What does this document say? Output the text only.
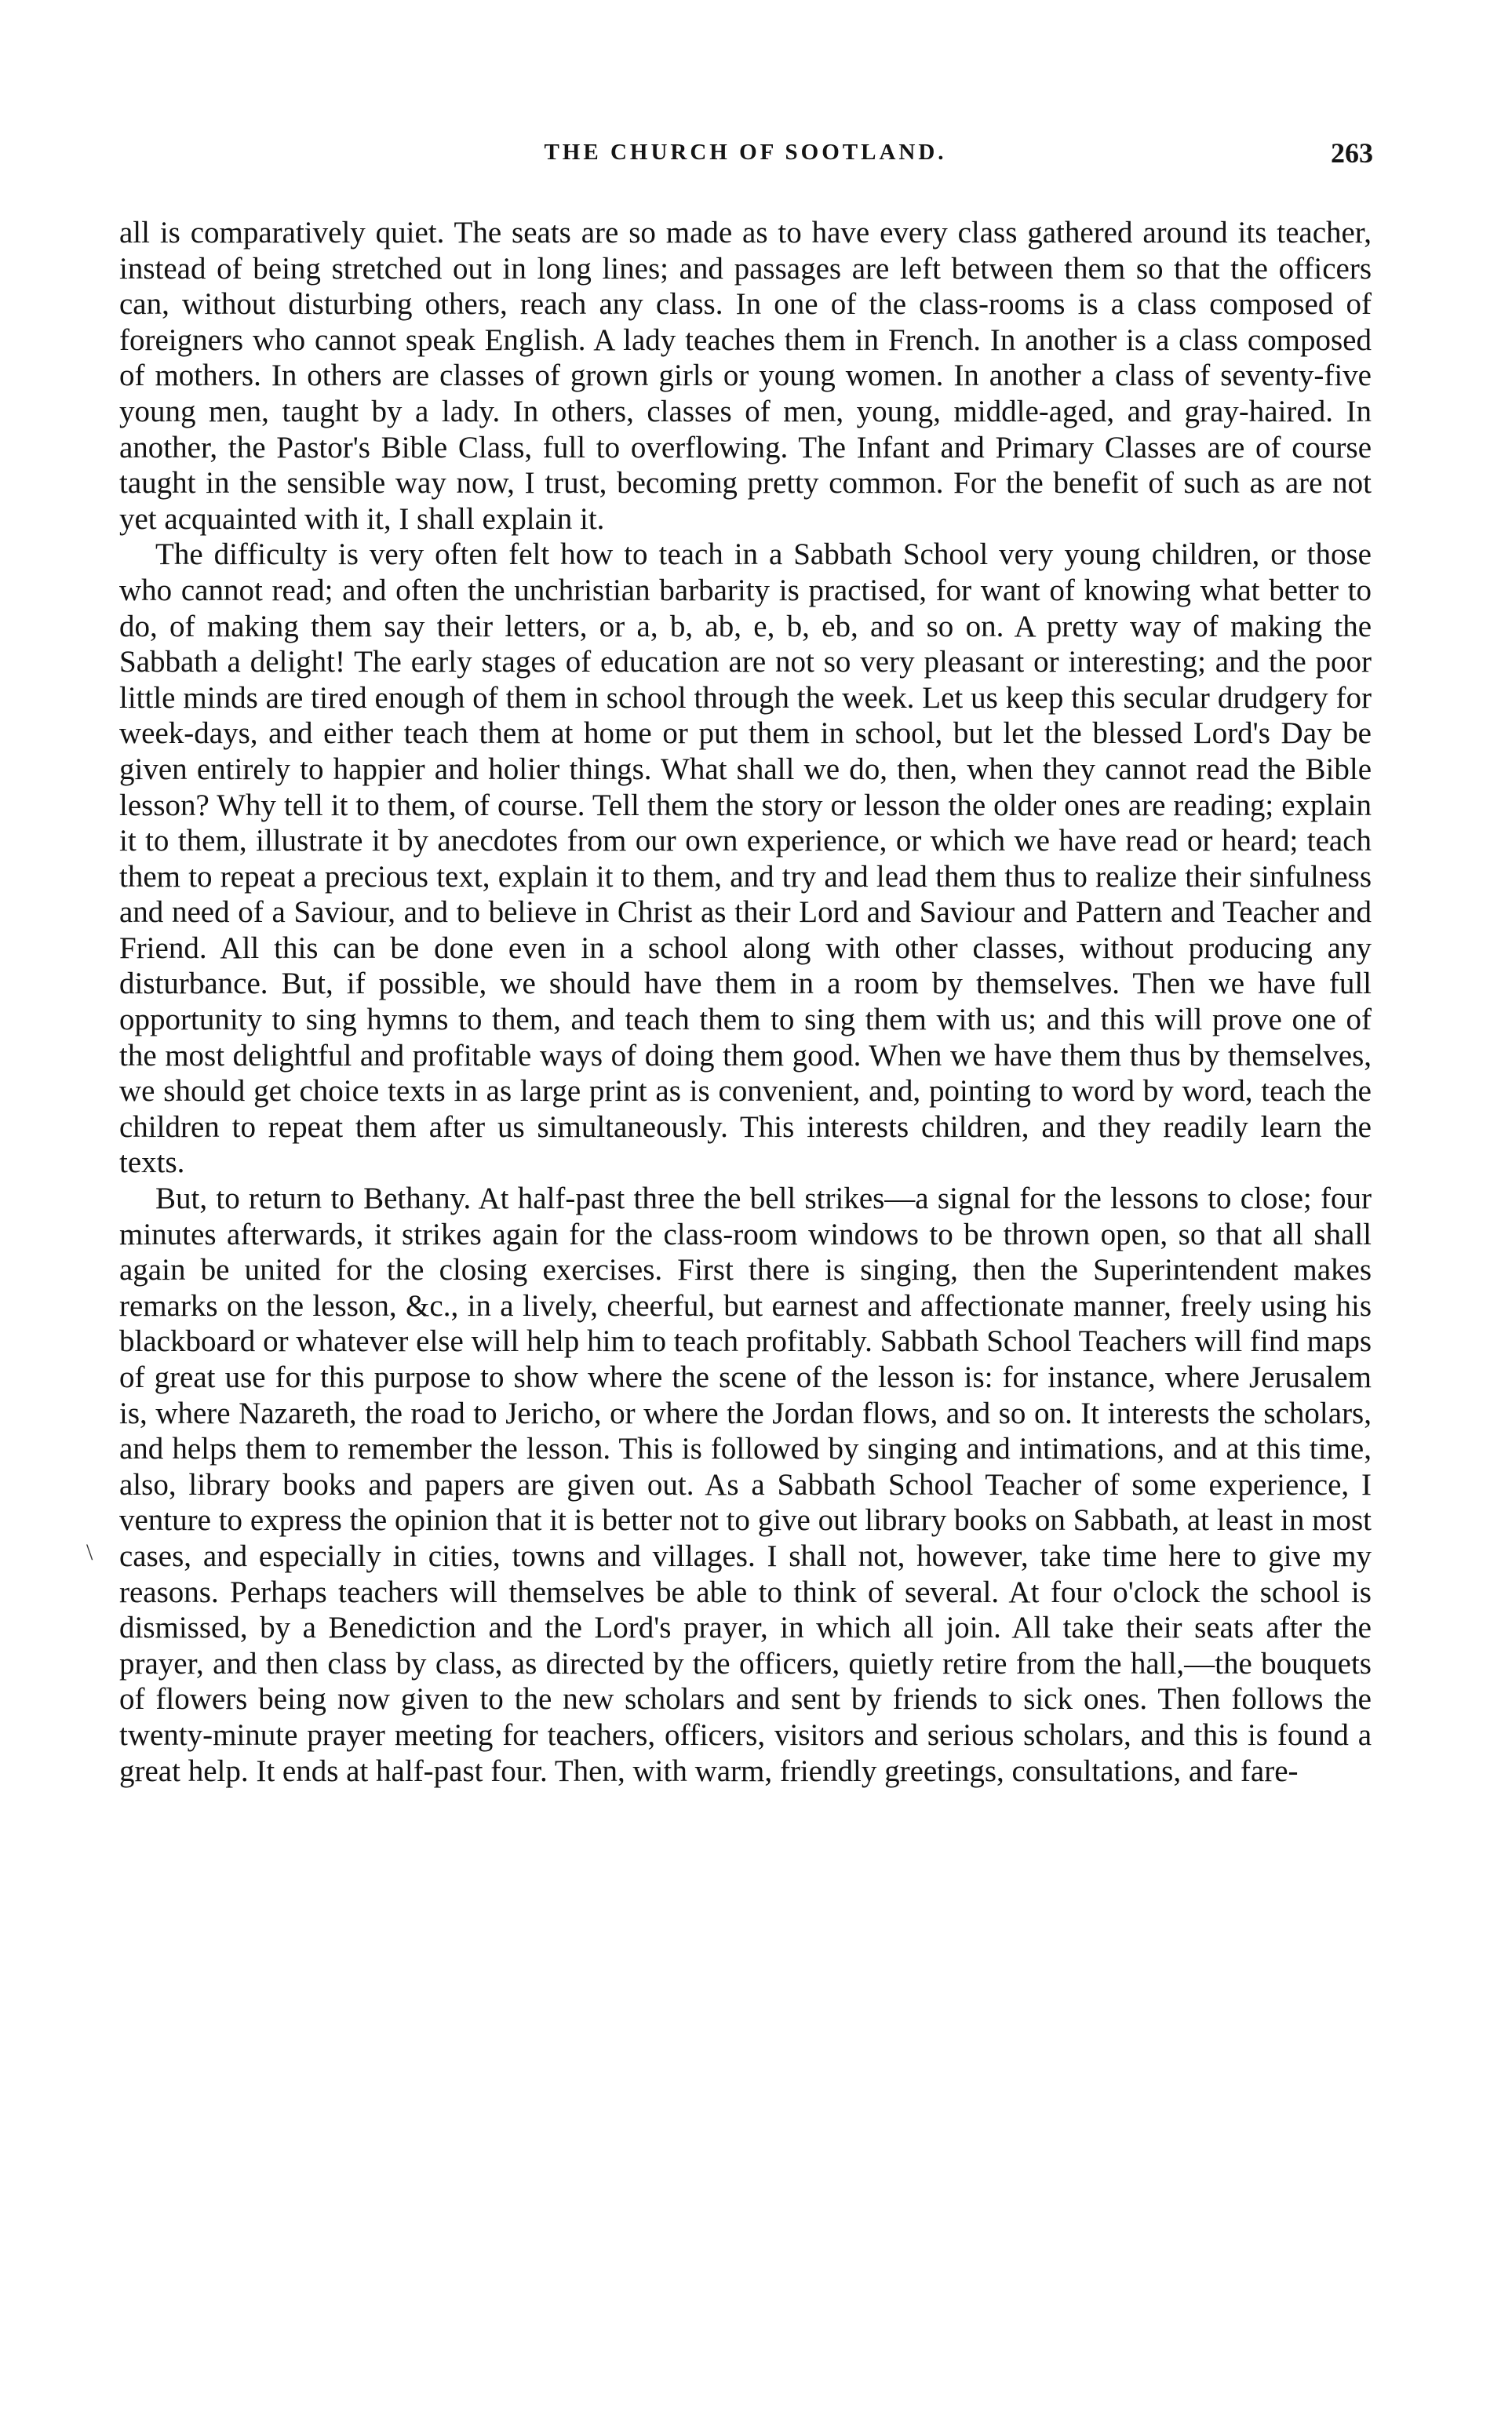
THE CHURCH OF SOOTLAND.	263
\

all is comparatively quiet. The seats are so made as to have every class gathered around its teacher, instead of being stretched out in long lines; and passages are left between them so that the officers can, without disturbing others, reach any class. In one of the class-rooms is a class composed of foreigners who cannot speak English. A lady teaches them in French. In another is a class composed of mothers. In others are classes of grown girls or young women. In another a class of seventy-five young men, taught by a lady. In others, classes of men, young, middle-aged, and gray-haired. In another, the Pastor's Bible Class, full to overflowing. The Infant and Primary Classes are of course taught in the sensible way now, I trust, becoming pretty common. For the benefit of such as are not yet acquainted with it, I shall explain it.

The difficulty is very often felt how to teach in a Sabbath School very young children, or those who cannot read; and often the unchristian barbarity is practised, for want of knowing what better to do, of making them say their letters, or a, b, ab, e, b, eb, and so on. A pretty way of making the Sabbath a delight! The early stages of education are not so very pleasant or interesting; and the poor little minds are tired enough of them in school through the week. Let us keep this secular drudgery for week-days, and either teach them at home or put them in school, but let the blessed Lord's Day be given entirely to happier and holier things. What shall we do, then, when they cannot read the Bible lesson? Why tell it to them, of course. Tell them the story or lesson the older ones are reading; explain it to them, illustrate it by anecdotes from our own experience, or which we have read or heard; teach them to repeat a precious text, explain it to them, and try and lead them thus to realize their sinfulness and need of a Saviour, and to believe in Christ as their Lord and Saviour and Pattern and Teacher and Friend. All this can be done even in a school along with other classes, without producing any disturbance. But, if possible, we should have them in a room by themselves. Then we have full opportunity to sing hymns to them, and teach them to sing them with us; and this will prove one of the most delightful and profitable ways of doing them good. When we have them thus by themselves, we should get choice texts in as large print as is convenient, and, pointing to word by word, teach the children to repeat them after us simultaneously. This interests children, and they readily learn the texts.

But, to return to Bethany. At half-past three the bell strikes—a signal for the lessons to close; four minutes afterwards, it strikes again for the class-room windows to be thrown open, so that all shall again be united for the closing exercises. First there is singing, then the Superintendent makes remarks on the lesson, &c., in a lively, cheerful, but earnest and affectionate manner, freely using his blackboard or whatever else will help him to teach profitably. Sabbath School Teachers will find maps of great use for this purpose to show where the scene of the lesson is: for instance, where Jerusalem is, where Nazareth, the road to Jericho, or where the Jordan flows, and so on. It interests the scholars, and helps them to remember the lesson. This is followed by singing and intimations, and at this time, also, library books and papers are given out. As a Sabbath School Teacher of some experience, I venture to express the opinion that it is better not to give out library books on Sabbath, at least in most cases, and especially in cities, towns and villages. I shall not, however, take time here to give my reasons. Perhaps teachers will themselves be able to think of several. At four o'clock the school is dismissed, by a Benediction and the Lord's prayer, in which all join. All take their seats after the prayer, and then class by class, as directed by the officers, quietly retire from the hall,—the bouquets of flowers being now given to the new scholars and sent by friends to sick ones. Then follows the twenty-minute prayer meeting for teachers, officers, visitors and serious scholars, and this is found a great help. It ends at half-past four. Then, with warm, friendly greetings, consultations, and fare-
